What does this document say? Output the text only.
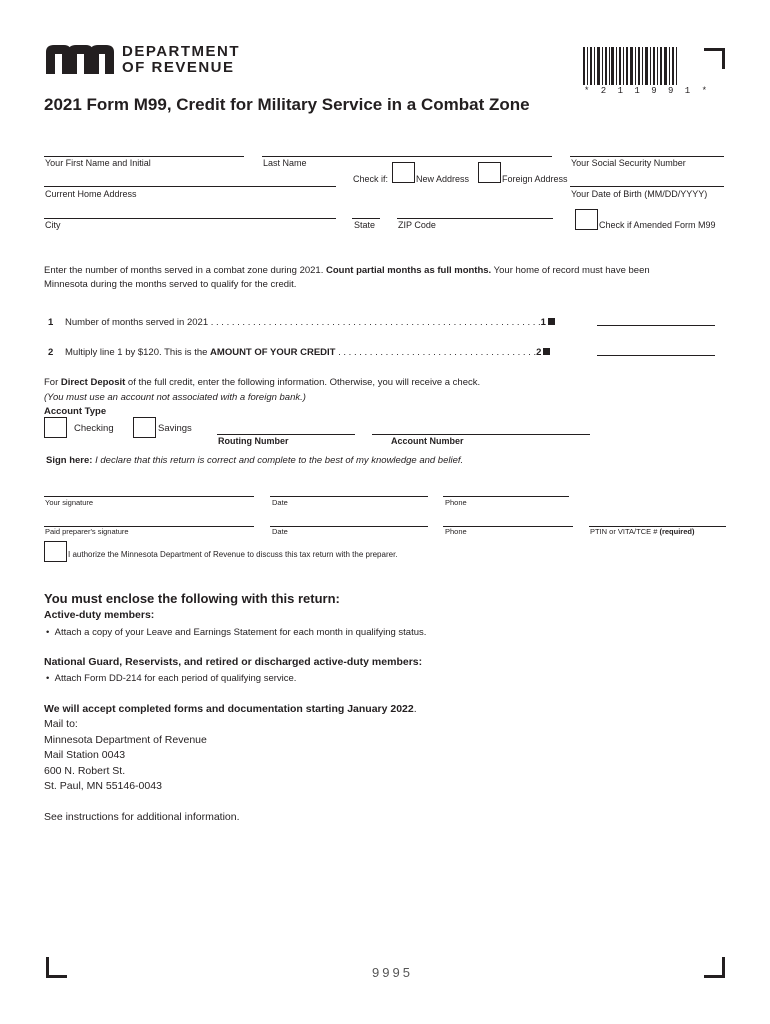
DEPARTMENT
OF REVENUE
* 2 1 1 9 9 1 *
2021 Form M99, Credit for Military Service in a Combat Zone
Your First Name and Initial	Last Name	Your Social Security Number
Check if:	New Address	Foreign Address
Current Home Address	Your Date of Birth (MM/DD/YYYY)
City	State	ZIP Code	Check if Amended Form M99
Enter the number of months served in a combat zone during 2021. Count partial months as full months. Your home of record must have been
Minnesota during the months served to qualify for the credit.
1 Number of months served in 2021 . . . . . . . . . . . . . . . . . . . . . . . . . . . . . . . . . . . . . . . . . . . . . . . . . . . . . . . . . . . . . . .1
2 Multiply line 1 by $120. This is the AMOUNT OF YOUR CREDIT . . . . . . . . . . . . . . . . . . . . . . . . . . . . . . . . . . . . . .2
For Direct Deposit of the full credit, enter the following information. Otherwise, you will receive a check.
(You must use an account not associated with a foreign bank.)
Account Type
Checking	Savings
Routing Number	Account Number
Sign here: I declare that this return is correct and complete to the best of my knowledge and belief.
Your signature	Date	Phone
Paid preparer's signature	Date	Phone	PTIN or VITA/TCE # (required)
I authorize the Minnesota Department of Revenue to discuss this tax return with the preparer.
You must enclose the following with this return:
Active-duty members:
•  Attach a copy of your Leave and Earnings Statement for each month in qualifying status.
National Guard, Reservists, and retired or discharged active-duty members:
•  Attach Form DD-214 for each period of qualifying service.
We will accept completed forms and documentation starting January 2022.
Mail to:
Minnesota Department of Revenue
Mail Station 0043
600 N. Robert St.
St. Paul, MN 55146-0043
See instructions for additional information.
9995
